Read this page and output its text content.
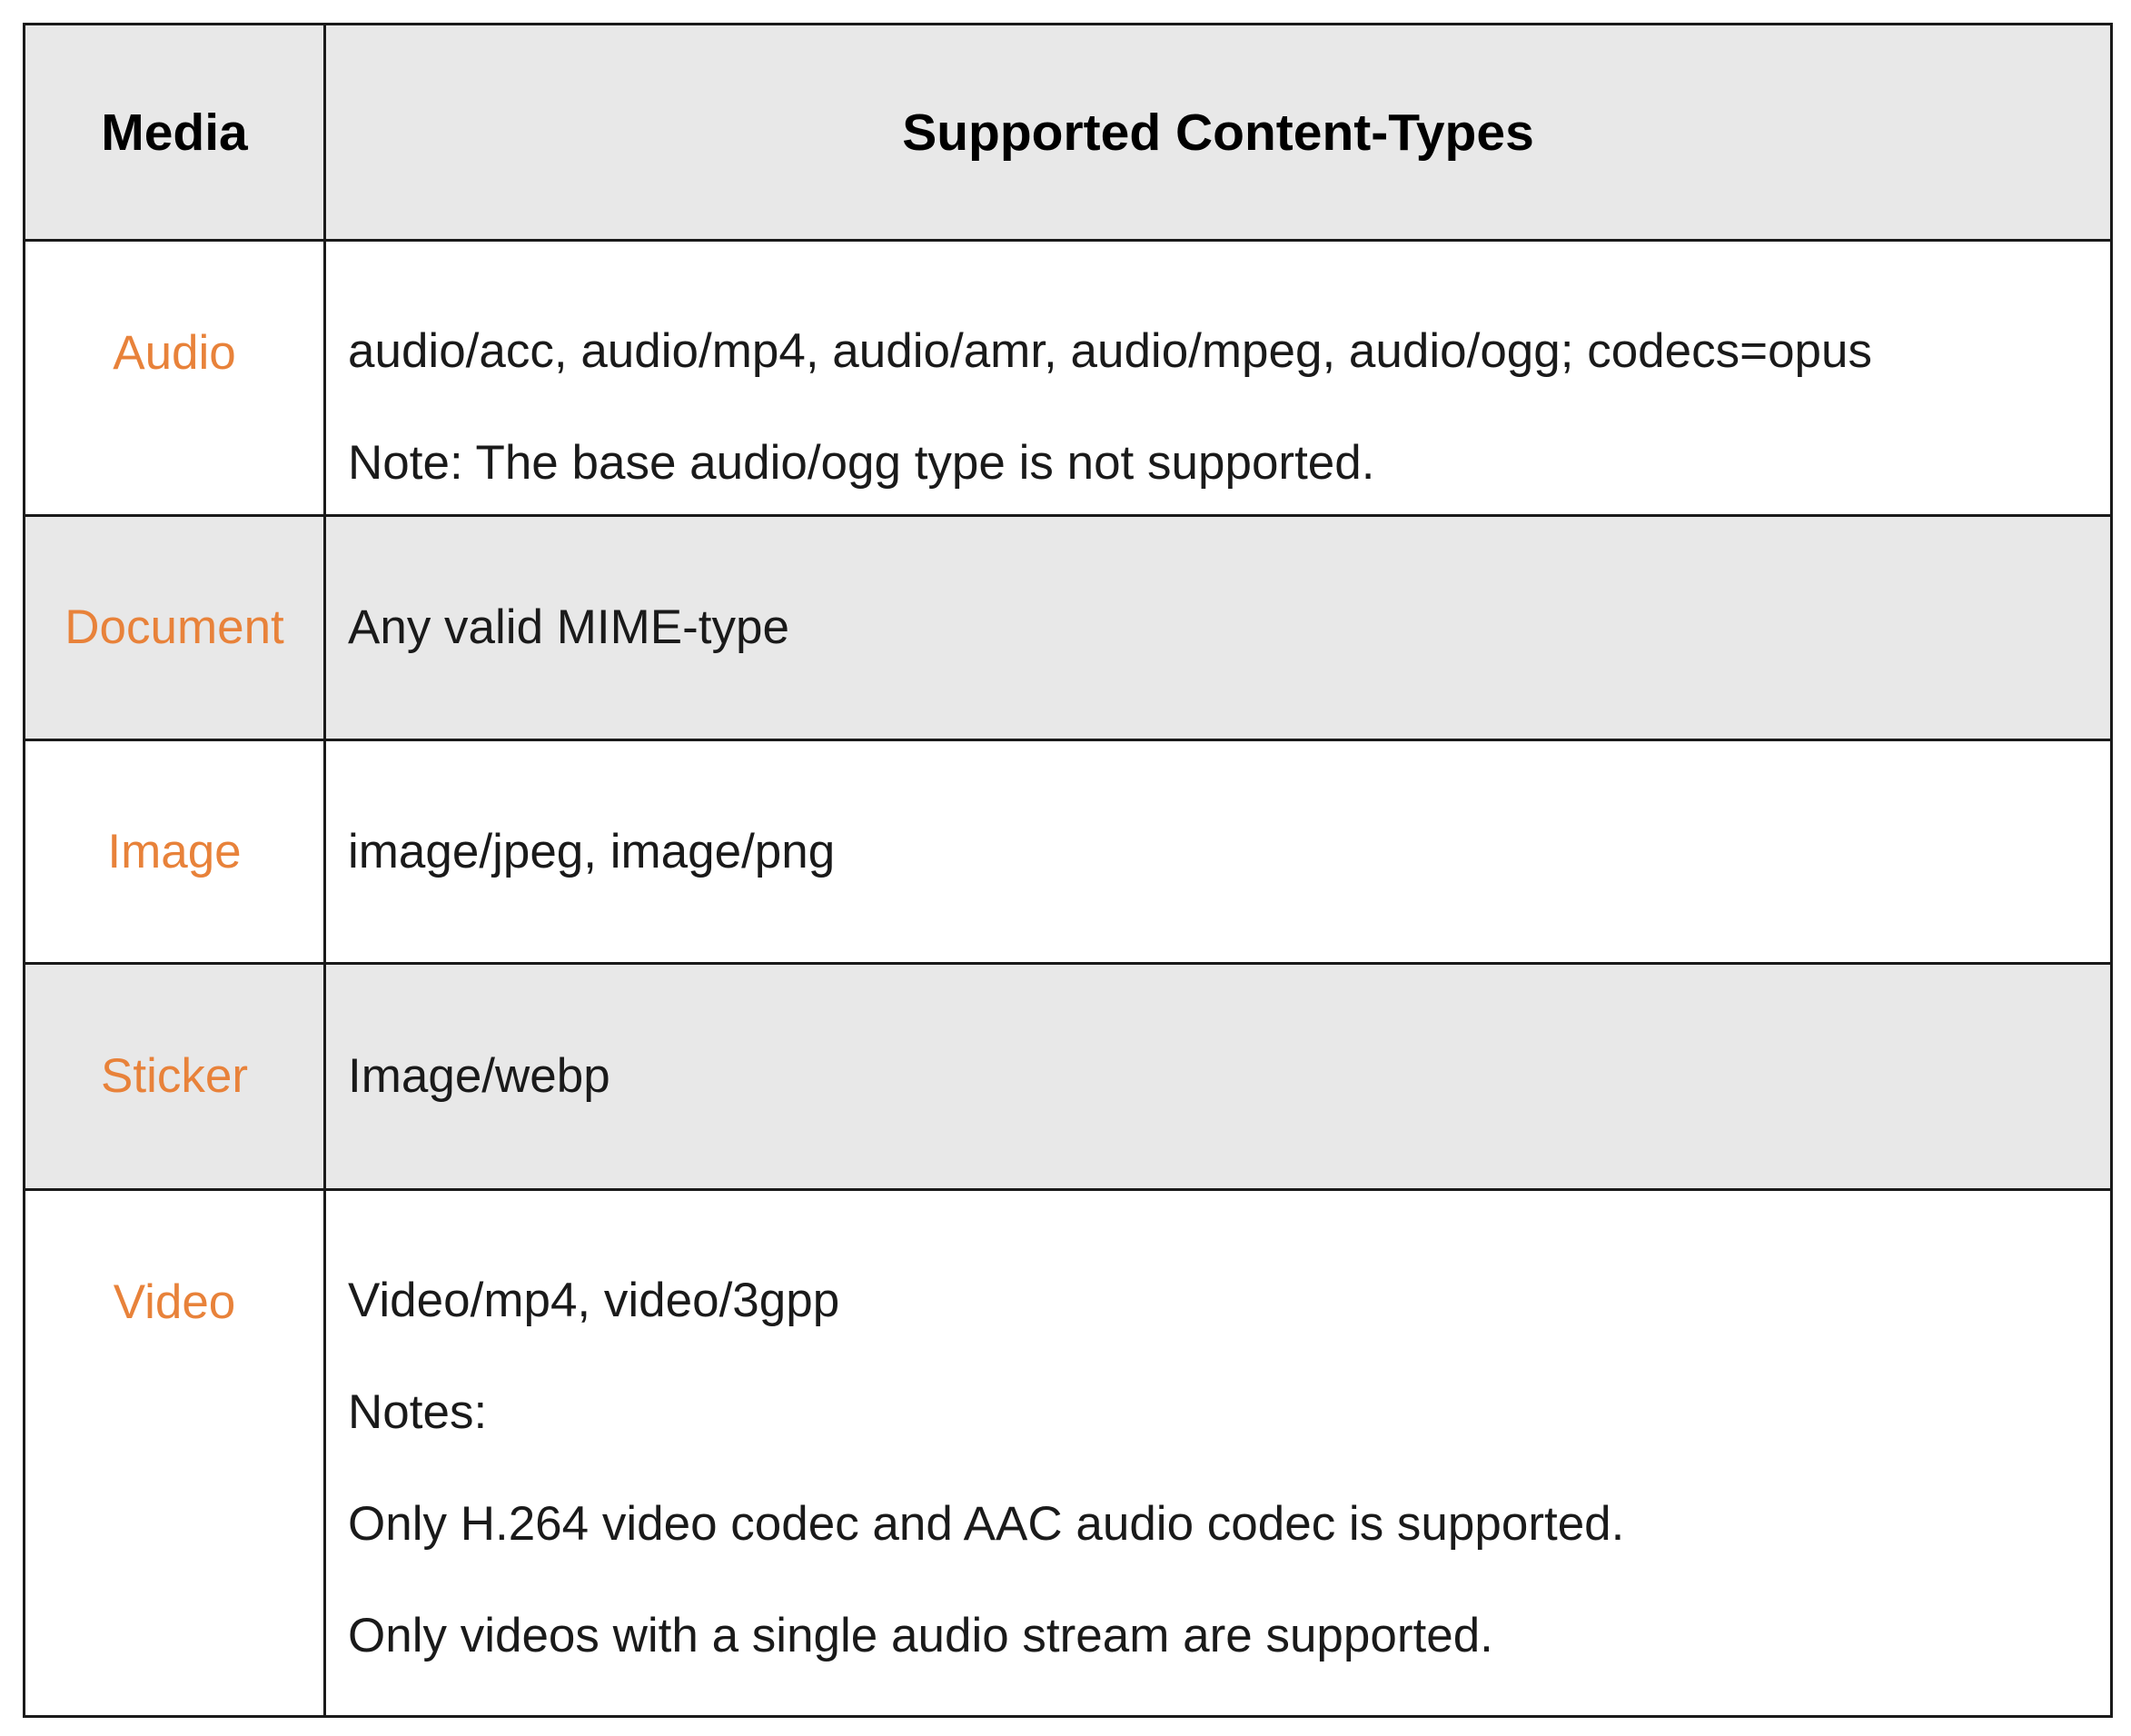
Media	Supported Content-Types

Audio	audio/acc, audio/mp4, audio/amr, audio/mpeg, audio/ogg; codecs=opus
Note: The base audio/ogg type is not supported.

Document	Any valid MIME-type

Image	image/jpeg, image/png

Sticker	Image/webp

Video	Video/mp4, video/3gpp
Notes:
Only H.264 video codec and AAC audio codec is supported.
Only videos with a single audio stream are supported.
